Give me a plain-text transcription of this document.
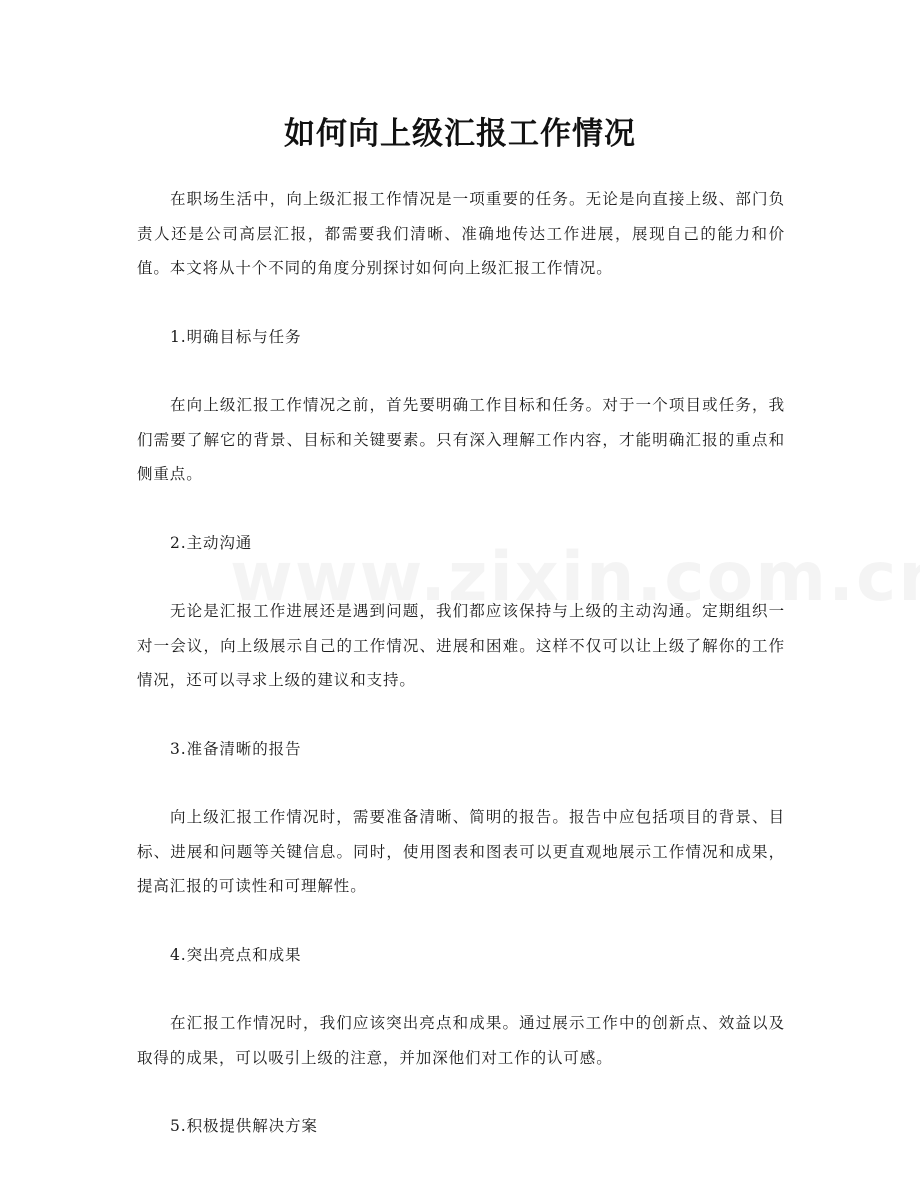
如何向上级汇报工作情况

在职场生活中，向上级汇报工作情况是一项重要的任务。无论是向直接上级、部门负责人还是公司高层汇报，都需要我们清晰、准确地传达工作进展，展现自己的能力和价值。本文将从十个不同的角度分别探讨如何向上级汇报工作情况。

1.明确目标与任务

在向上级汇报工作情况之前，首先要明确工作目标和任务。对于一个项目或任务，我们需要了解它的背景、目标和关键要素。只有深入理解工作内容，才能明确汇报的重点和侧重点。

2.主动沟通

无论是汇报工作进展还是遇到问题，我们都应该保持与上级的主动沟通。定期组织一对一会议，向上级展示自己的工作情况、进展和困难。这样不仅可以让上级了解你的工作情况，还可以寻求上级的建议和支持。

3.准备清晰的报告

向上级汇报工作情况时，需要准备清晰、简明的报告。报告中应包括项目的背景、目标、进展和问题等关键信息。同时，使用图表和图表可以更直观地展示工作情况和成果，提高汇报的可读性和可理解性。

4.突出亮点和成果

在汇报工作情况时，我们应该突出亮点和成果。通过展示工作中的创新点、效益以及取得的成果，可以吸引上级的注意，并加深他们对工作的认可感。

5.积极提供解决方案
